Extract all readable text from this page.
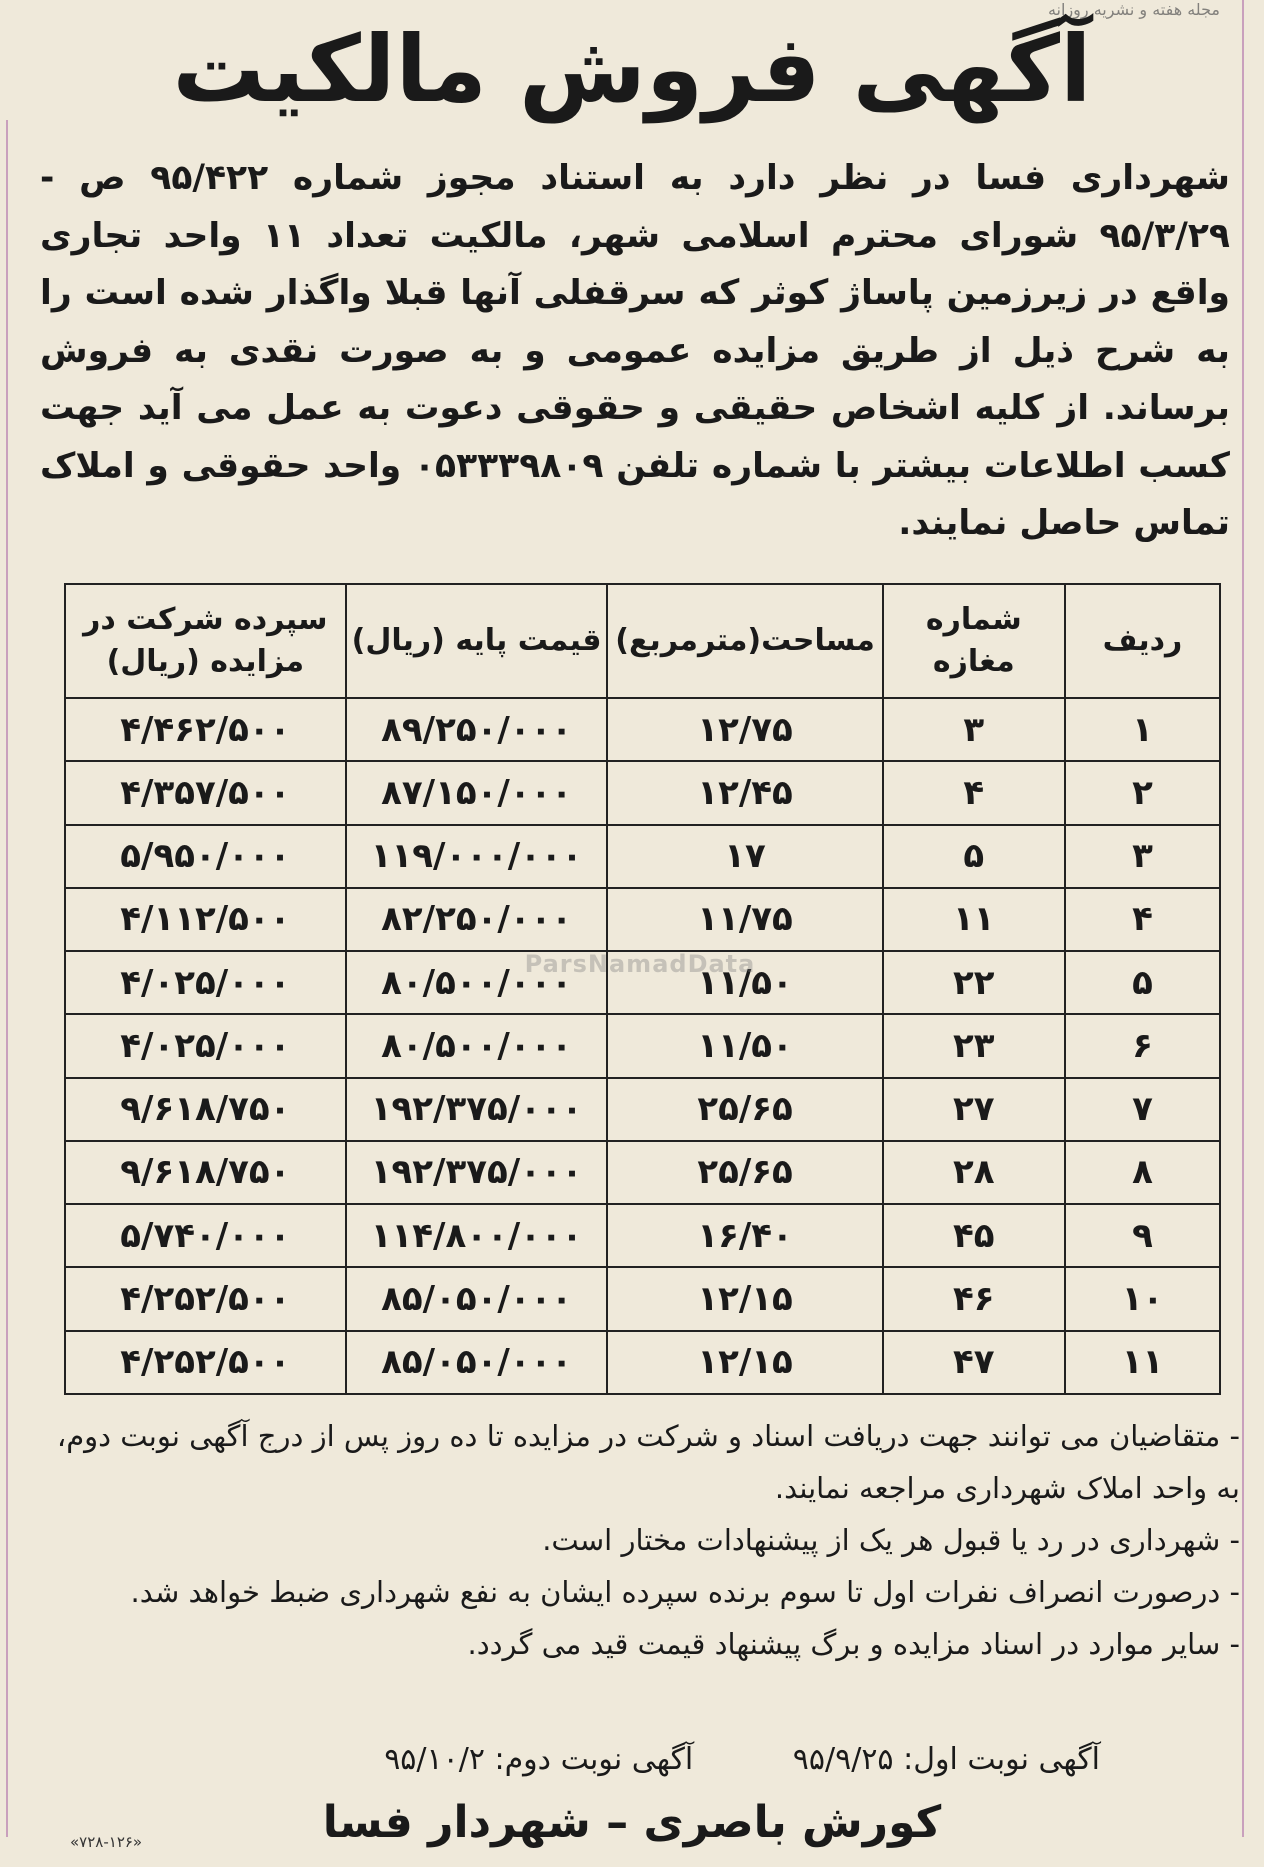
مجله هفته و نشریه روزانه
آگهی فروش مالکیت
شهرداری فسا در نظر دارد به استناد مجوز شماره ۹۵/۴۲۲ ص - ۹۵/۳/۲۹ شورای محترم اسلامی شهر، مالکیت تعداد ۱۱ واحد تجاری واقع در زیرزمین پاساژ کوثر که سرقفلی آنها قبلا واگذار شده است را به شرح ذیل از طریق مزایده عمومی و به صورت نقدی به فروش برساند. از کلیه اشخاص حقیقی و حقوقی دعوت به عمل می آید جهت کسب اطلاعات بیشتر با شماره تلفن ۰۵۳۳۳۹۸۰۹ واحد حقوقی و املاک تماس حاصل نمایند.
ردیف	شماره مغازه	مساحت(مترمربع)	قیمت پایه (ریال)	سپرده شرکت در مزایده (ریال)
۱	۳	۱۲/۷۵	۸۹/۲۵۰/۰۰۰	۴/۴۶۲/۵۰۰
۲	۴	۱۲/۴۵	۸۷/۱۵۰/۰۰۰	۴/۳۵۷/۵۰۰
۳	۵	۱۷	۱۱۹/۰۰۰/۰۰۰	۵/۹۵۰/۰۰۰
۴	۱۱	۱۱/۷۵	۸۲/۲۵۰/۰۰۰	۴/۱۱۲/۵۰۰
۵	۲۲	۱۱/۵۰	۸۰/۵۰۰/۰۰۰	۴/۰۲۵/۰۰۰
۶	۲۳	۱۱/۵۰	۸۰/۵۰۰/۰۰۰	۴/۰۲۵/۰۰۰
۷	۲۷	۲۵/۶۵	۱۹۲/۳۷۵/۰۰۰	۹/۶۱۸/۷۵۰
۸	۲۸	۲۵/۶۵	۱۹۲/۳۷۵/۰۰۰	۹/۶۱۸/۷۵۰
۹	۴۵	۱۶/۴۰	۱۱۴/۸۰۰/۰۰۰	۵/۷۴۰/۰۰۰
۱۰	۴۶	۱۲/۱۵	۸۵/۰۵۰/۰۰۰	۴/۲۵۲/۵۰۰
۱۱	۴۷	۱۲/۱۵	۸۵/۰۵۰/۰۰۰	۴/۲۵۲/۵۰۰
ParsNamadData

- متقاضیان می توانند جهت دریافت اسناد و شرکت در مزایده تا ده روز پس از درج آگهی نوبت دوم، به واحد املاک شهرداری مراجعه نمایند.

- شهرداری در رد یا قبول هر یک از پیشنهادات مختار است.

- درصورت انصراف نفرات اول تا سوم برنده سپرده ایشان به نفع شهرداری ضبط خواهد شد.

- سایر موارد در اسناد مزایده و برگ پیشنهاد قیمت قید می گردد.

آگهی نوبت اول: ۹۵/۹/۲۵ آگهی نوبت دوم: ۹۵/۱۰/۲
کورش باصری – شهردار فسا
«۷۲۸-۱۲۶»
